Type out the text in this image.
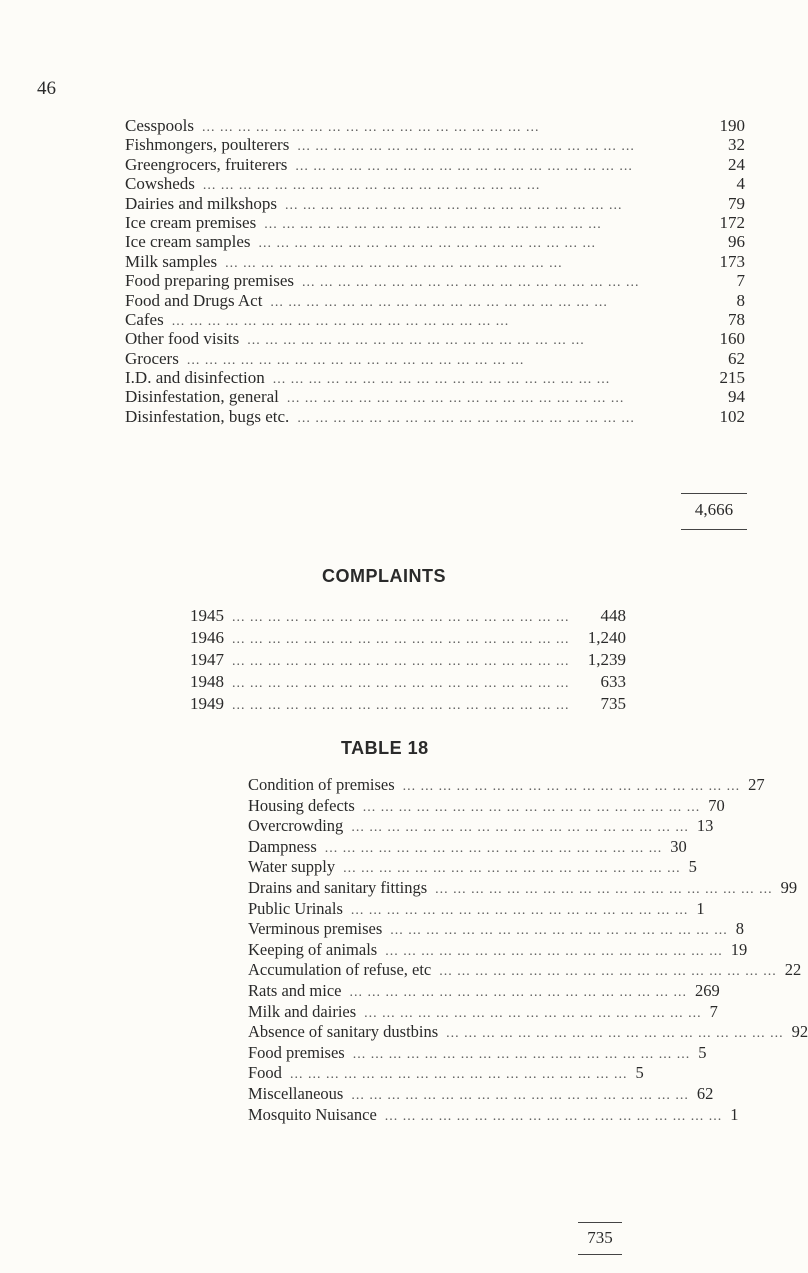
46
Cesspools ... ... ... ... ... ... ... ... ... ... ... ... ... ... ... ... ... ... ...	190
Fishmongers, poulterers ... ... ... ... ... ... ... ... ... ... ... ... ... ... ... ... ... ... ...	32
Greengrocers, fruiterers ... ... ... ... ... ... ... ... ... ... ... ... ... ... ... ... ... ... ...	24
Cowsheds ... ... ... ... ... ... ... ... ... ... ... ... ... ... ... ... ... ... ...	4
Dairies and milkshops ... ... ... ... ... ... ... ... ... ... ... ... ... ... ... ... ... ... ...	79
Ice cream premises ... ... ... ... ... ... ... ... ... ... ... ... ... ... ... ... ... ... ...	172
Ice cream samples ... ... ... ... ... ... ... ... ... ... ... ... ... ... ... ... ... ... ...	96
Milk samples ... ... ... ... ... ... ... ... ... ... ... ... ... ... ... ... ... ... ...	173
Food preparing premises ... ... ... ... ... ... ... ... ... ... ... ... ... ... ... ... ... ... ...	7
Food and Drugs Act ... ... ... ... ... ... ... ... ... ... ... ... ... ... ... ... ... ... ...	8
Cafes ... ... ... ... ... ... ... ... ... ... ... ... ... ... ... ... ... ... ...	78
Other food visits ... ... ... ... ... ... ... ... ... ... ... ... ... ... ... ... ... ... ...	160
Grocers ... ... ... ... ... ... ... ... ... ... ... ... ... ... ... ... ... ... ...	62
I.D. and disinfection ... ... ... ... ... ... ... ... ... ... ... ... ... ... ... ... ... ... ...	215
Disinfestation, general ... ... ... ... ... ... ... ... ... ... ... ... ... ... ... ... ... ... ...	94
Disinfestation, bugs etc. ... ... ... ... ... ... ... ... ... ... ... ... ... ... ... ... ... ... ...	102
4,666
COMPLAINTS
1945 ... ... ... ... ... ... ... ... ... ... ... ... ... ... ... ... ... ... ...	448
1946 ... ... ... ... ... ... ... ... ... ... ... ... ... ... ... ... ... ... ...	1,240
1947 ... ... ... ... ... ... ... ... ... ... ... ... ... ... ... ... ... ... ...	1,239
1948 ... ... ... ... ... ... ... ... ... ... ... ... ... ... ... ... ... ... ...	633
1949 ... ... ... ... ... ... ... ... ... ... ... ... ... ... ... ... ... ... ...	735
TABLE 18
Condition of premises ... ... ... ... ... ... ... ... ... ... ... ... ... ... ... ... ... ... ... 27
Housing defects ... ... ... ... ... ... ... ... ... ... ... ... ... ... ... ... ... ... ... 70
Overcrowding ... ... ... ... ... ... ... ... ... ... ... ... ... ... ... ... ... ... ... 13
Dampness ... ... ... ... ... ... ... ... ... ... ... ... ... ... ... ... ... ... ... 30
Water supply ... ... ... ... ... ... ... ... ... ... ... ... ... ... ... ... ... ... ... 5
Drains and sanitary fittings ... ... ... ... ... ... ... ... ... ... ... ... ... ... ... ... ... ... ... 99
Public Urinals ... ... ... ... ... ... ... ... ... ... ... ... ... ... ... ... ... ... ... 1
Verminous premises ... ... ... ... ... ... ... ... ... ... ... ... ... ... ... ... ... ... ... 8
Keeping of animals ... ... ... ... ... ... ... ... ... ... ... ... ... ... ... ... ... ... ... 19
Accumulation of refuse, etc ... ... ... ... ... ... ... ... ... ... ... ... ... ... ... ... ... ... ... 22
Rats and mice ... ... ... ... ... ... ... ... ... ... ... ... ... ... ... ... ... ... ... 269
Milk and dairies ... ... ... ... ... ... ... ... ... ... ... ... ... ... ... ... ... ... ... 7
Absence of sanitary dustbins ... ... ... ... ... ... ... ... ... ... ... ... ... ... ... ... ... ... ... 92
Food premises ... ... ... ... ... ... ... ... ... ... ... ... ... ... ... ... ... ... ... 5
Food ... ... ... ... ... ... ... ... ... ... ... ... ... ... ... ... ... ... ... 5
Miscellaneous ... ... ... ... ... ... ... ... ... ... ... ... ... ... ... ... ... ... ... 62
Mosquito Nuisance ... ... ... ... ... ... ... ... ... ... ... ... ... ... ... ... ... ... ... 1
735
